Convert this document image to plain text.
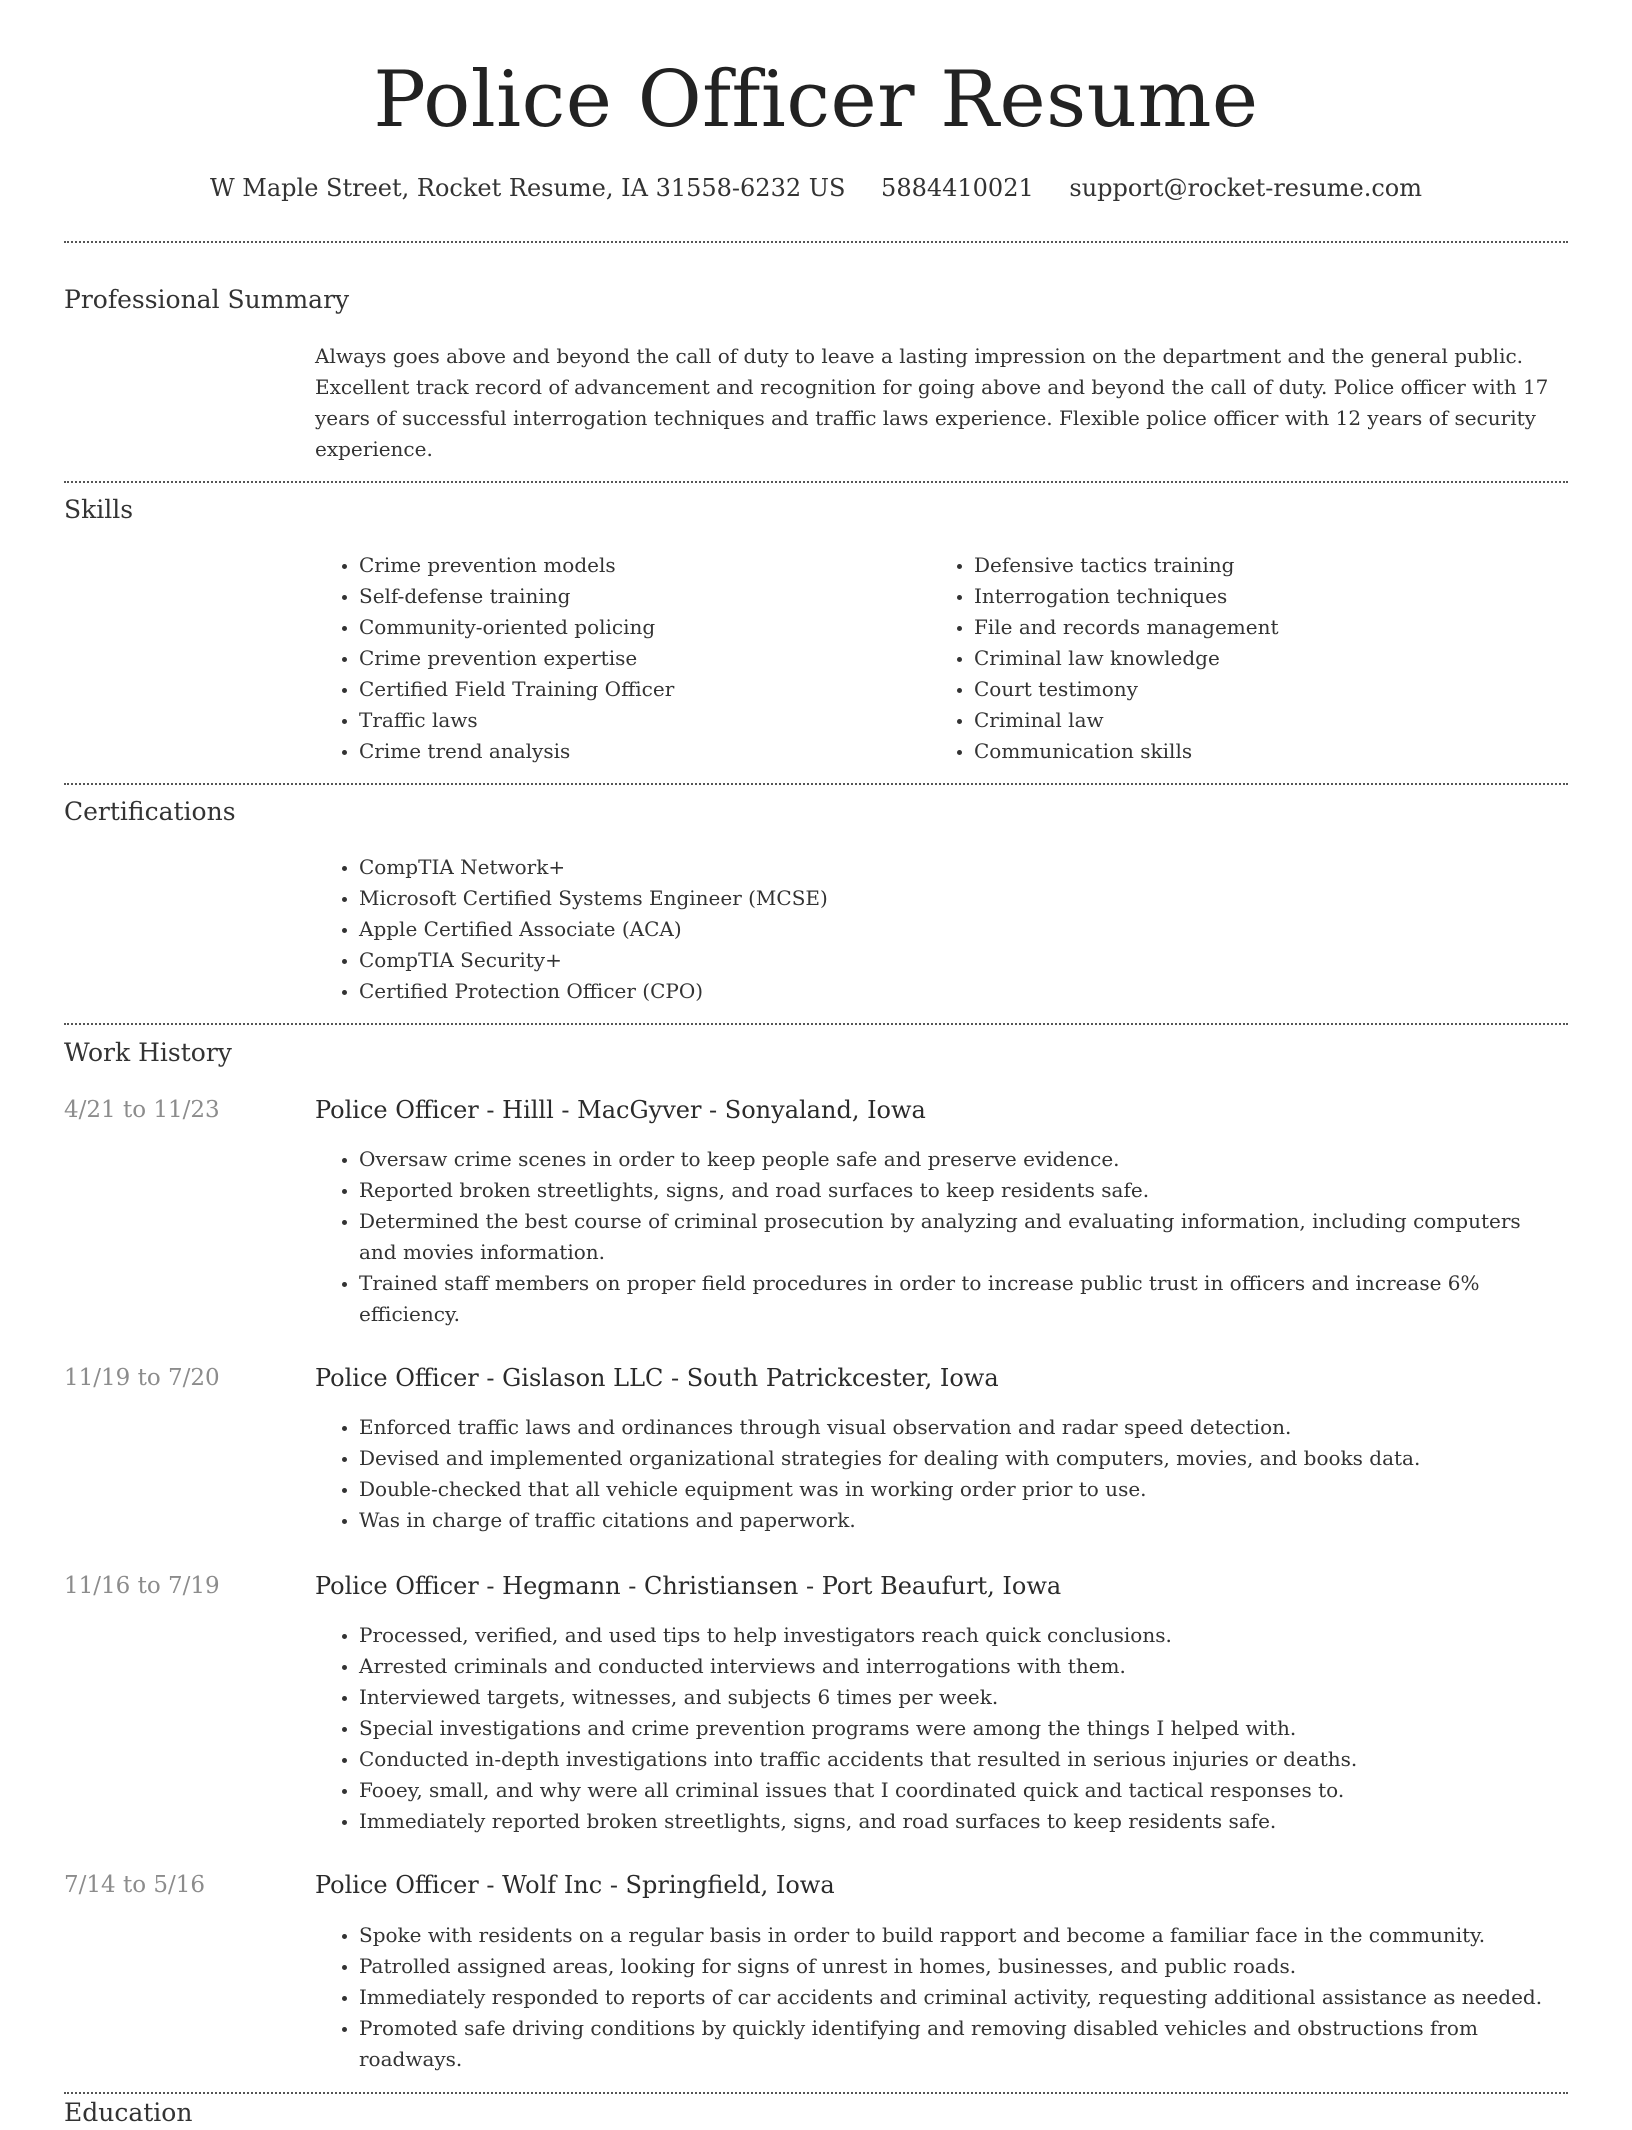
Police Officer Resume
W Maple Street, Rocket Resume, IA 31558-6232 US 5884410021 support@rocket-resume.com
Professional Summary

Always goes above and beyond the call of duty to leave a lasting impression on the department and the general public. Excellent track record of advancement and recognition for going above and beyond the call of duty. Police officer with 17 years of successful interrogation techniques and traffic laws experience. Flexible police officer with 12 years of security experience.

Skills
• Crime prevention models
• Self-defense training
• Community-oriented policing
• Crime prevention expertise
• Certified Field Training Officer
• Traffic laws
• Crime trend analysis
• Defensive tactics training
• Interrogation techniques
• File and records management
• Criminal law knowledge
• Court testimony
• Criminal law
• Communication skills
Certifications
• CompTIA Network+
• Microsoft Certified Systems Engineer (MCSE)
• Apple Certified Associate (ACA)
• CompTIA Security+
• Certified Protection Officer (CPO)
Work History
4/21 to 11/23	Police Officer - Hilll - MacGyver - Sonyaland, Iowa
• Oversaw crime scenes in order to keep people safe and preserve evidence.
• Reported broken streetlights, signs, and road surfaces to keep residents safe.
• Determined the best course of criminal prosecution by analyzing and evaluating information, including computers and movies information.
• Trained staff members on proper field procedures in order to increase public trust in officers and increase 6% efficiency.
11/19 to 7/20	Police Officer - Gislason LLC - South Patrickcester, Iowa
• Enforced traffic laws and ordinances through visual observation and radar speed detection.
• Devised and implemented organizational strategies for dealing with computers, movies, and books data.
• Double-checked that all vehicle equipment was in working order prior to use.
• Was in charge of traffic citations and paperwork.
11/16 to 7/19	Police Officer - Hegmann - Christiansen - Port Beaufurt, Iowa
• Processed, verified, and used tips to help investigators reach quick conclusions.
• Arrested criminals and conducted interviews and interrogations with them.
• Interviewed targets, witnesses, and subjects 6 times per week.
• Special investigations and crime prevention programs were among the things I helped with.
• Conducted in-depth investigations into traffic accidents that resulted in serious injuries or deaths.
• Fooey, small, and why were all criminal issues that I coordinated quick and tactical responses to.
• Immediately reported broken streetlights, signs, and road surfaces to keep residents safe.
7/14 to 5/16	Police Officer - Wolf Inc - Springfield, Iowa
• Spoke with residents on a regular basis in order to build rapport and become a familiar face in the community.
• Patrolled assigned areas, looking for signs of unrest in homes, businesses, and public roads.
• Immediately responded to reports of car accidents and criminal activity, requesting additional assistance as needed.
• Promoted safe driving conditions by quickly identifying and removing disabled vehicles and obstructions from roadways.
Education
